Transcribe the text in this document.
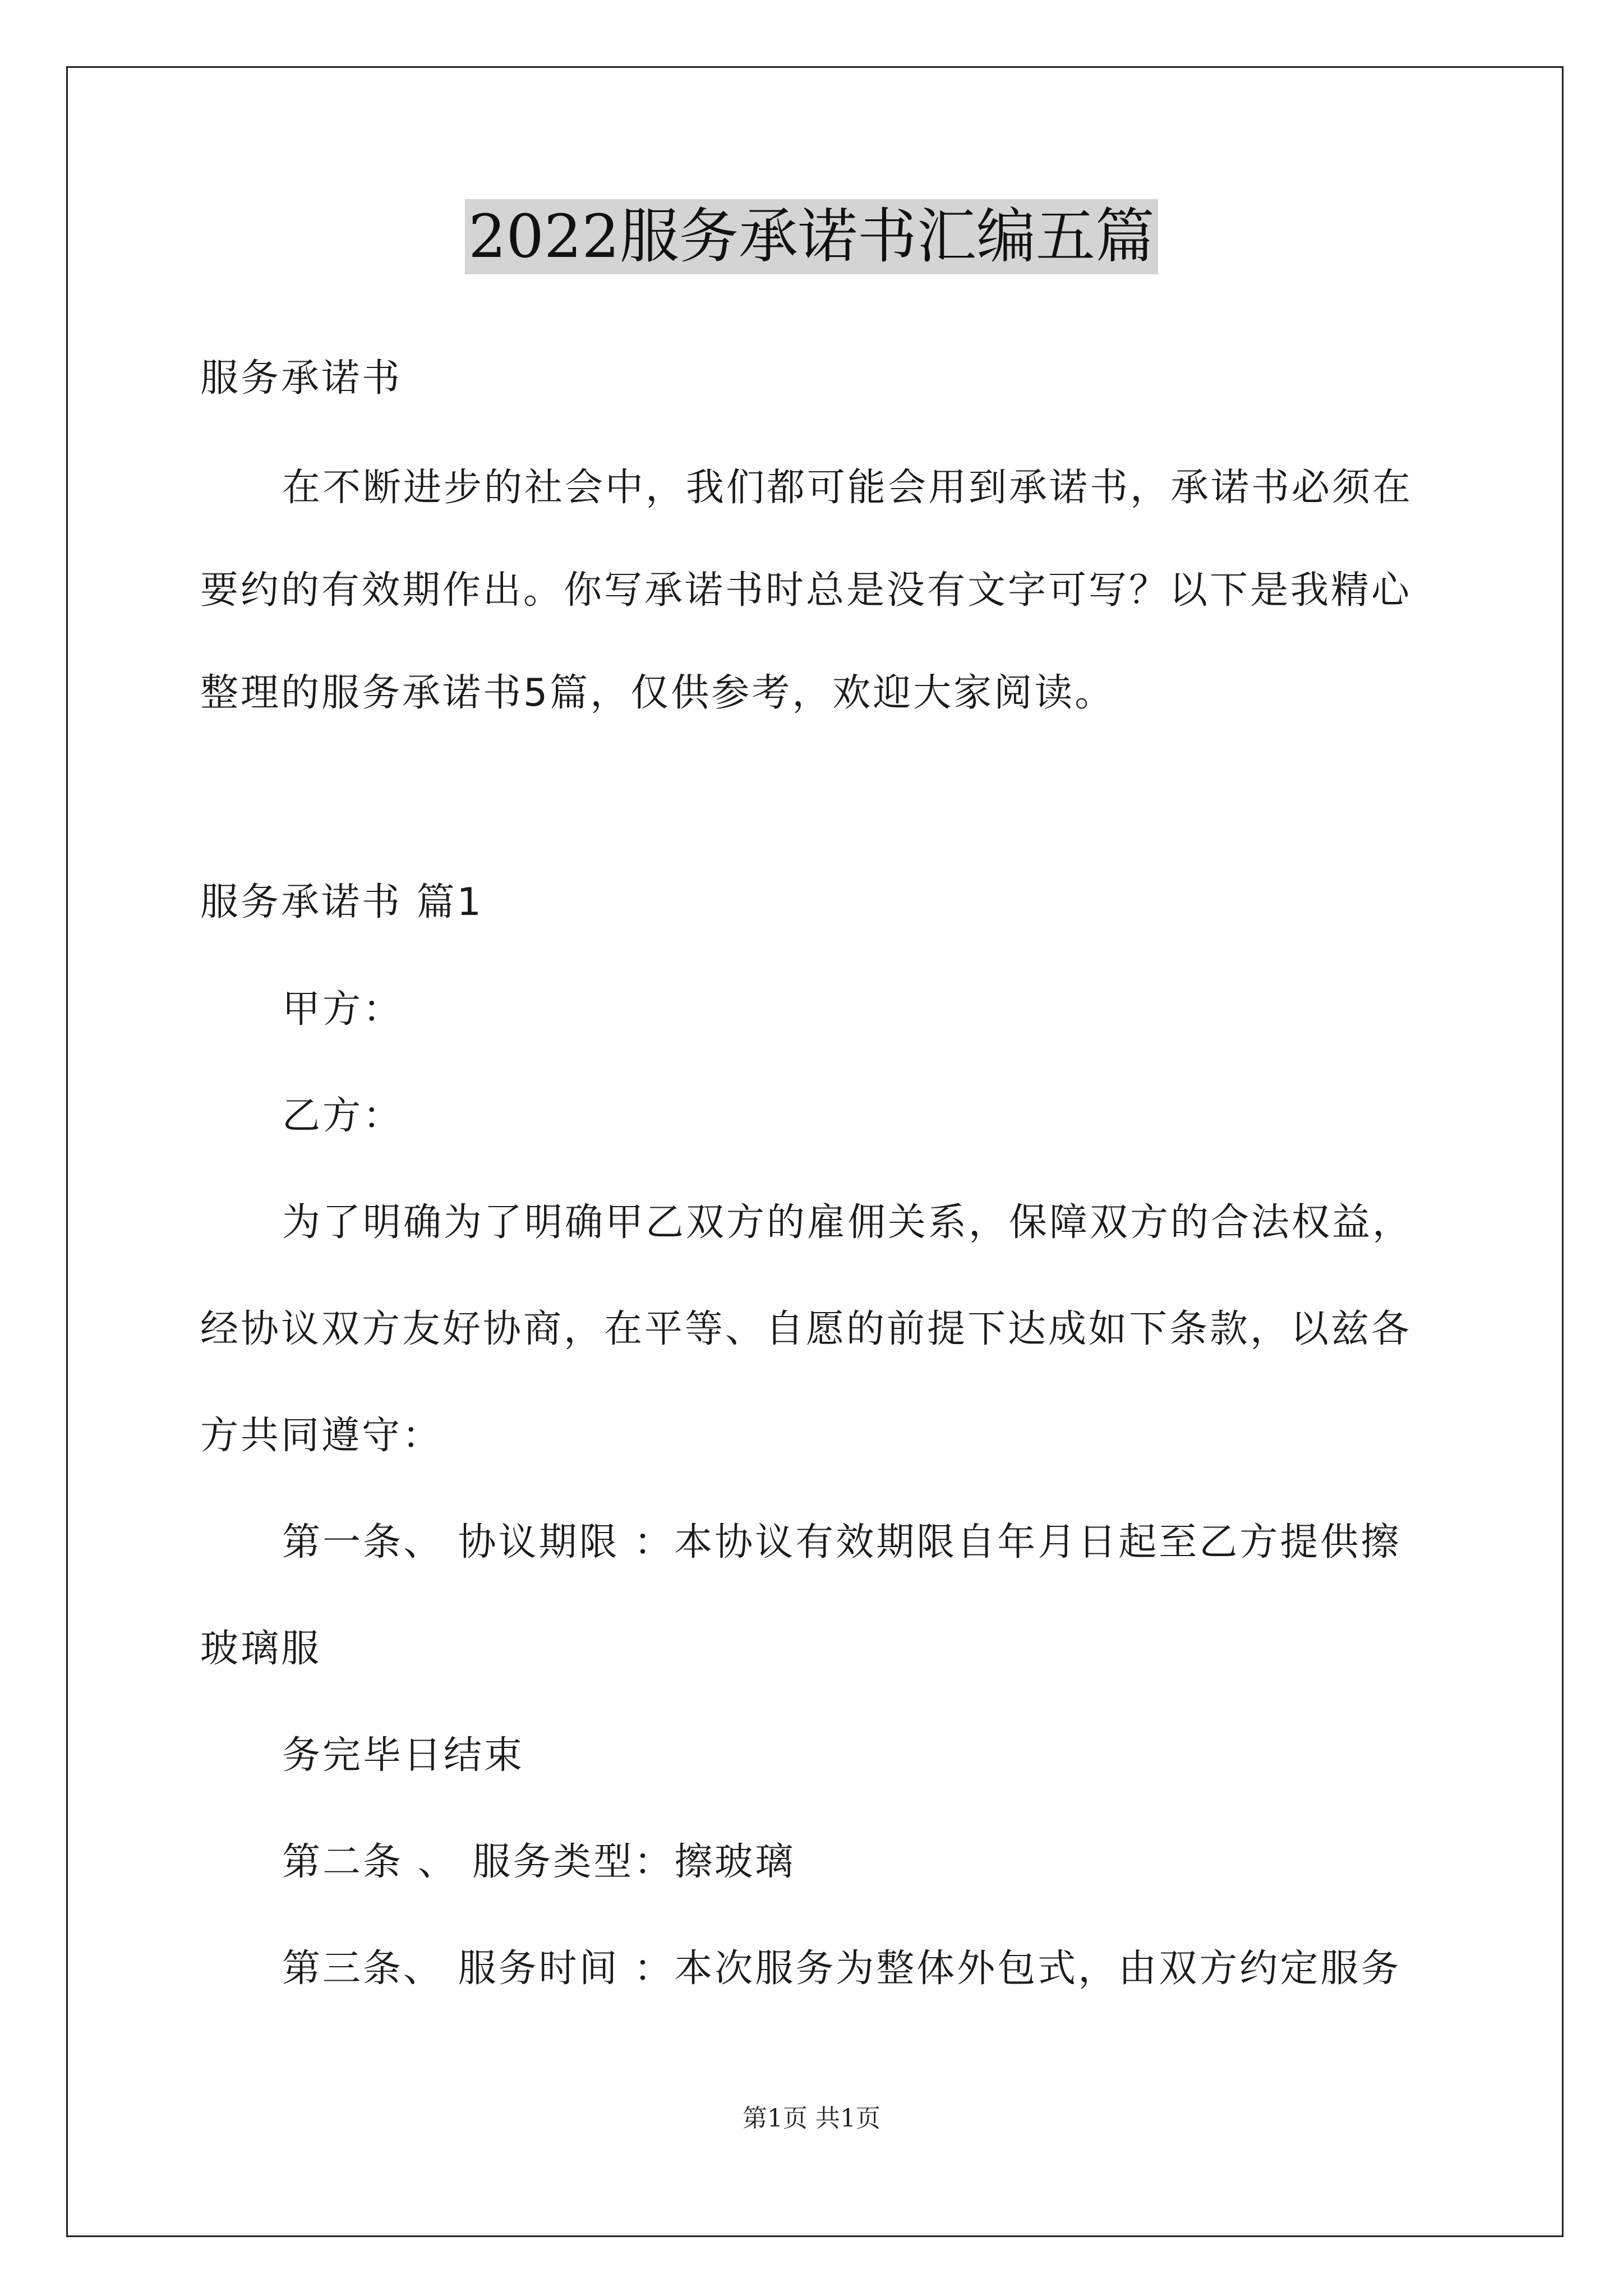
2022服务承诺书汇编五篇
服务承诺书
在不断进步的社会中，我们都可能会用到承诺书，承诺书必须在
要约的有效期作出。你写承诺书时总是没有文字可写？以下是我精心
整理的服务承诺书5篇，仅供参考，欢迎大家阅读。
服务承诺书 篇1
甲方：
乙方：
为了明确为了明确甲乙双方的雇佣关系，保障双方的合法权益，
经协议双方友好协商，在平等、自愿的前提下达成如下条款，以兹各
方共同遵守：
第一条、 协议期限 ：本协议有效期限自年月日起至乙方提供擦
玻璃服
务完毕日结束
第二条 、 服务类型：擦玻璃
第三条、 服务时间 ：本次服务为整体外包式，由双方约定服务
第1页 共1页
